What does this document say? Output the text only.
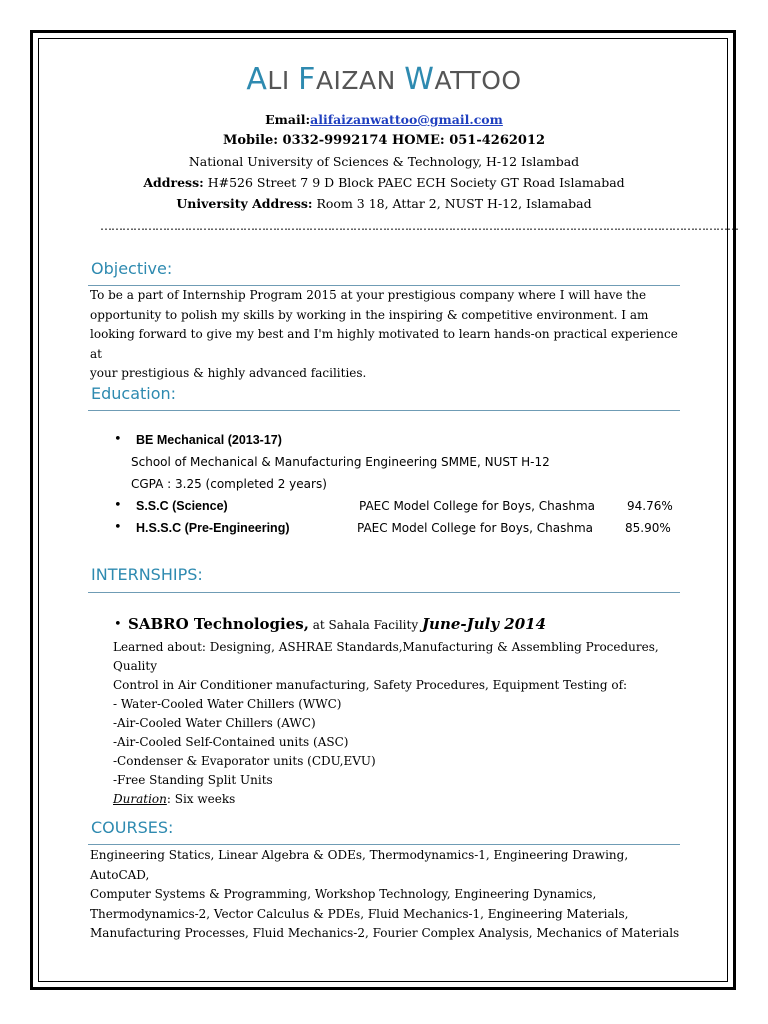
ALI FAIZAN WATTOO
Email:alifaizanwattoo@gmail.com
Mobile: 0332-9992174 HOME: 051-4262012
National University of Sciences & Technology, H-12 Islambad
Address: H#526 Street 7 9 D Block PAEC ECH Society GT Road Islamabad
University Address: Room 3 18, Attar 2, NUST H-12, Islamabad
…………………………………………………………………………………………………………………………………………………………
Objective:
To be a part of Internship Program 2015 at your prestigious company where I will have the
opportunity to polish my skills by working in the inspiring & competitive environment. I am
looking forward to give my best and I'm highly motivated to learn hands-on practical experience at
your prestigious & highly advanced facilities.
Education:
• BE Mechanical (2013-17)
School of Mechanical & Manufacturing Engineering SMME, NUST H-12
CGPA : 3.25 (completed 2 years)
• S.S.C (Science)	PAEC Model College for Boys, Chashma	94.76%
• H.S.S.C (Pre-Engineering)	PAEC Model College for Boys, Chashma	85.90%
INTERNSHIPS:
• SABRO Technologies, at Sahala Facility June-July 2014
Learned about: Designing, ASHRAE Standards,Manufacturing & Assembling Procedures, Quality
Control in Air Conditioner manufacturing, Safety Procedures, Equipment Testing of:
- Water-Cooled Water Chillers (WWC)
-Air-Cooled Water Chillers (AWC)
-Air-Cooled Self-Contained units (ASC)
-Condenser & Evaporator units (CDU,EVU)
-Free Standing Split Units
Duration: Six weeks
COURSES:
Engineering Statics, Linear Algebra & ODEs, Thermodynamics-1, Engineering Drawing, AutoCAD,
Computer Systems & Programming, Workshop Technology, Engineering Dynamics,
Thermodynamics-2, Vector Calculus & PDEs, Fluid Mechanics-1, Engineering Materials,
Manufacturing Processes, Fluid Mechanics-2, Fourier Complex Analysis, Mechanics of Materials
